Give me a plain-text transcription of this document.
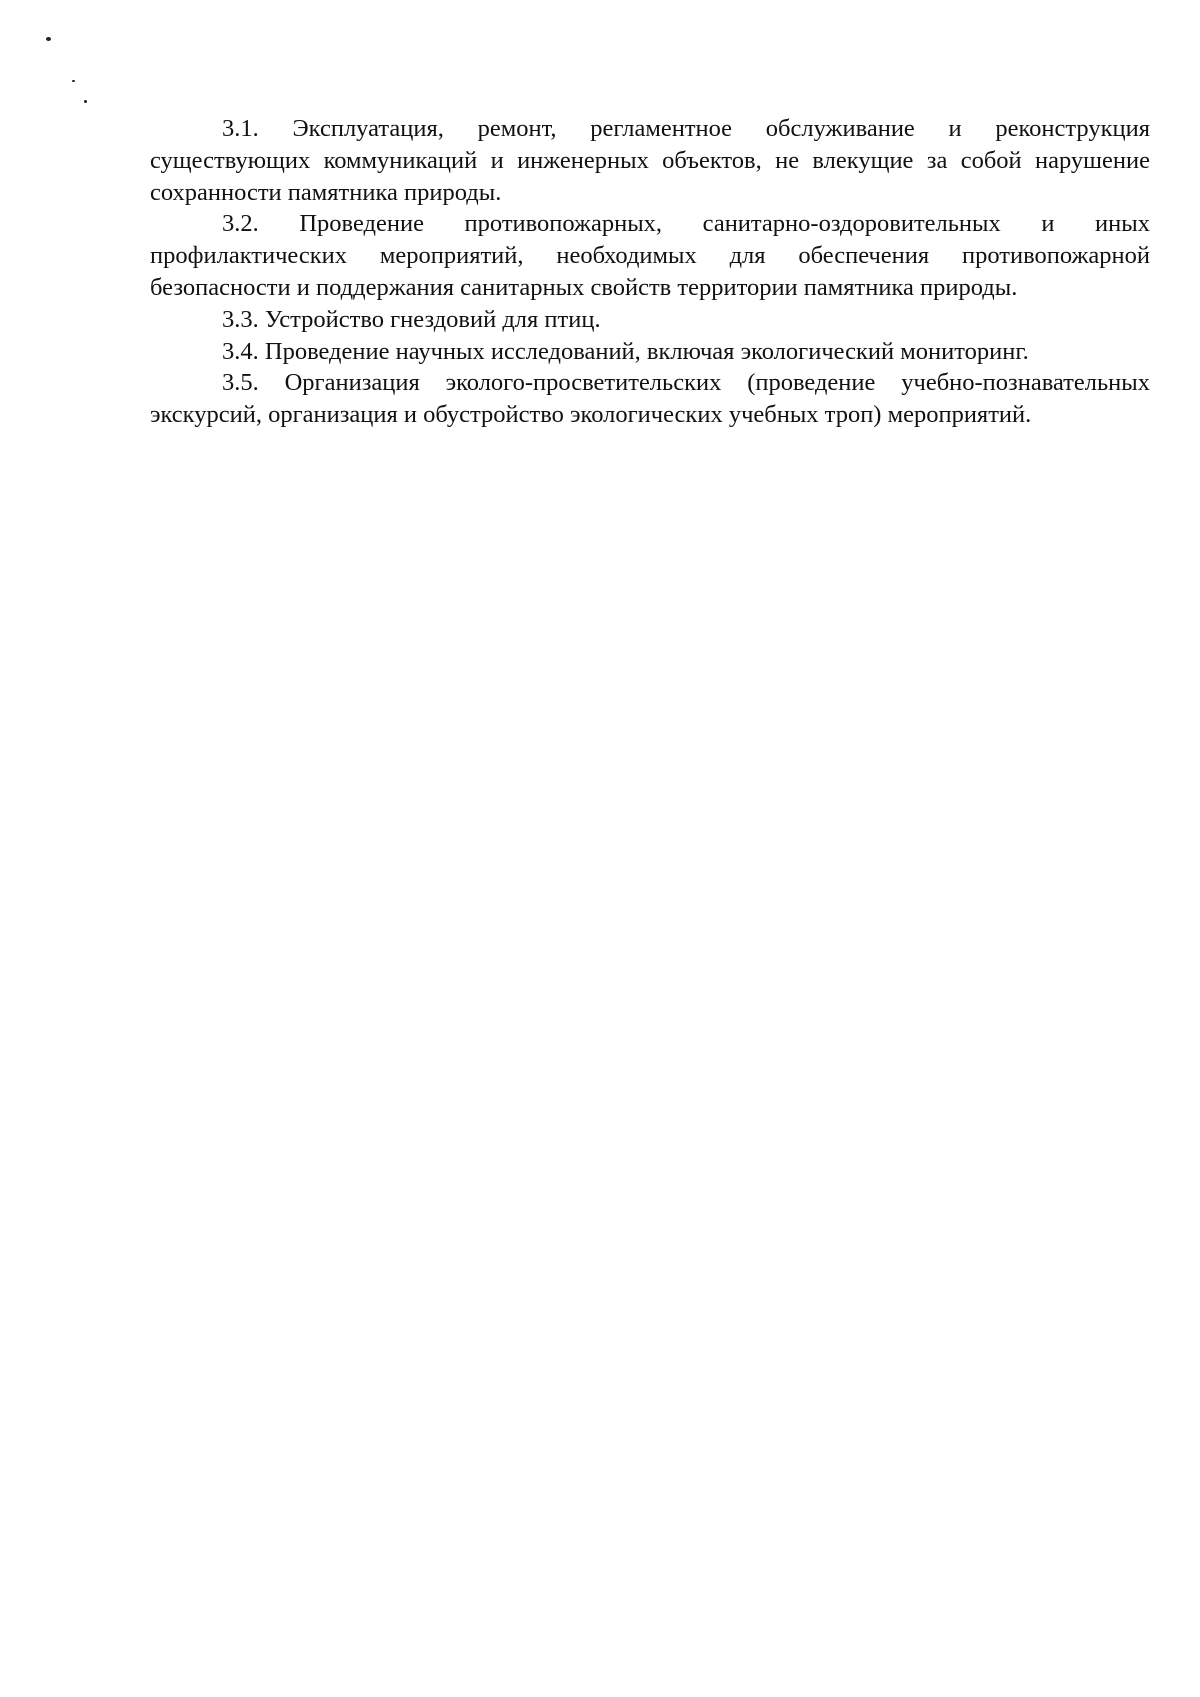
3.1. Эксплуатация, ремонт, регламентное обслуживание и реконструкция существующих коммуникаций и инженерных объектов, не влекущие за собой нарушение сохранности памятника природы.

3.2. Проведение противопожарных, санитарно-оздоровительных и иных профилактических мероприятий, необходимых для обеспечения противопожарной безопасности и поддержания санитарных свойств территории памятника природы.

3.3. Устройство гнездовий для птиц.

3.4. Проведение научных исследований, включая экологический мониторинг.

3.5. Организация эколого-просветительских (проведение учебно-познавательных экскурсий, организация и обустройство экологических учебных троп) мероприятий.
